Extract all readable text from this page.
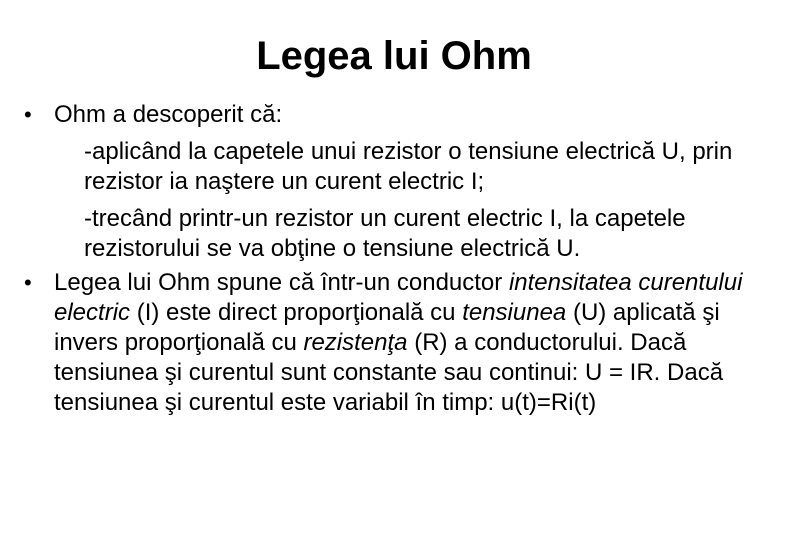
Legea lui Ohm
• Ohm a descoperit că:

-aplicând la capetele unui rezistor o tensiune electrică U, prin rezistor ia naştere un curent electric I;

-trecând printr-un rezistor un curent electric I, la capetele rezistorului se va obţine o tensiune electrică U.

• Legea lui Ohm spune că într-un conductor intensitatea curentului electric (I) este direct proporţională cu tensiunea (U) aplicată şi invers proporţională cu rezistenţa (R) a conductorului. Dacă tensiunea şi curentul sunt constante sau continui: U = IR. Dacă tensiunea şi curentul este variabil în timp: u(t)=Ri(t)
